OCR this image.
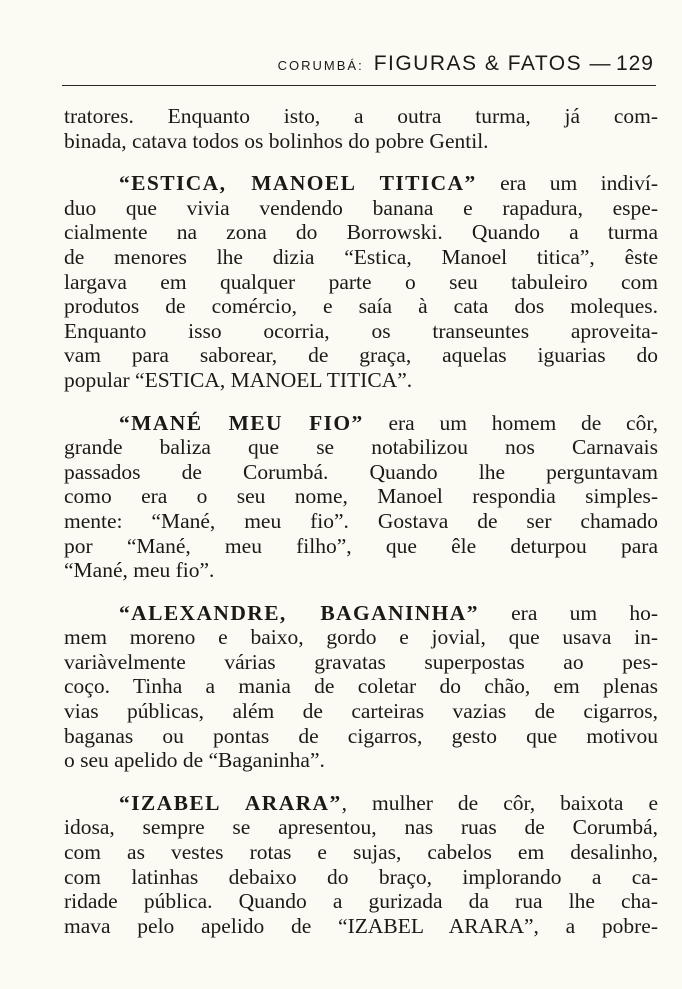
CORUMBÁ: FIGURAS & FATOS — 129
tratores. Enquanto isto, a outra turma, já com-
binada, catava todos os bolinhos do pobre Gentil.
“ESTICA, MANOEL TITICA” era um indiví-
duo que vivia vendendo banana e rapadura, espe-
cialmente na zona do Borrowski. Quando a turma
de menores lhe dizia “Estica, Manoel titica”, êste
largava em qualquer parte o seu tabuleiro com
produtos de comércio, e saía à cata dos moleques.
Enquanto isso ocorria, os transeuntes aproveita-
vam para saborear, de graça, aquelas iguarias do
popular “ESTICA, MANOEL TITICA”.
“MANÉ MEU FIO” era um homem de côr,
grande baliza que se notabilizou nos Carnavais
passados de Corumbá. Quando lhe perguntavam
como era o seu nome, Manoel respondia simples-
mente: “Mané, meu fio”. Gostava de ser chamado
por “Mané, meu filho”, que êle deturpou para
“Mané, meu fio”.
“ALEXANDRE, BAGANINHA” era um ho-
mem moreno e baixo, gordo e jovial, que usava in-
variàvelmente várias gravatas superpostas ao pes-
coço. Tinha a mania de coletar do chão, em plenas
vias públicas, além de carteiras vazias de cigarros,
baganas ou pontas de cigarros, gesto que motivou
o seu apelido de “Baganinha”.
“IZABEL ARARA”, mulher de côr, baixota e
idosa, sempre se apresentou, nas ruas de Corumbá,
com as vestes rotas e sujas, cabelos em desalinho,
com latinhas debaixo do braço, implorando a ca-
ridade pública. Quando a gurizada da rua lhe cha-
mava pelo apelido de “IZABEL ARARA”, a pobre-
